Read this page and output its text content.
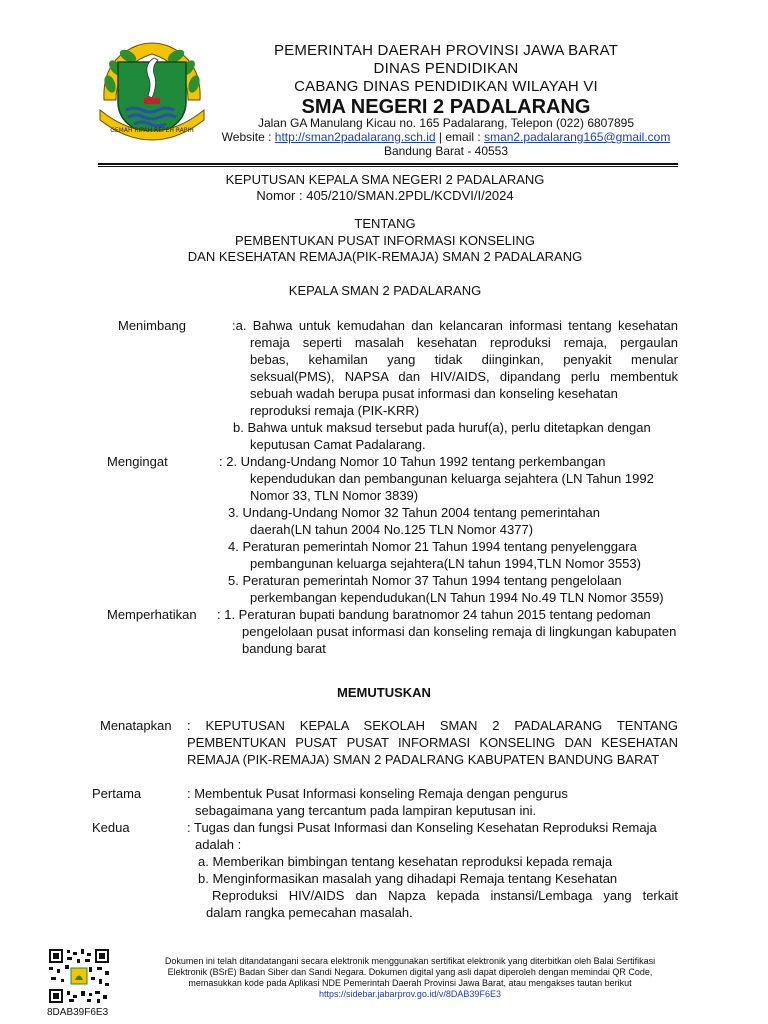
GEMAH RIPAH REPEH RAPIH
PEMERINTAH DAERAH PROVINSI JAWA BARAT
DINAS PENDIDIKAN
CABANG DINAS PENDIDIKAN WILAYAH VI
SMA NEGERI 2 PADALARANG
Jalan GA Manulang Kicau no. 165 Padalarang, Telepon (022) 6807895
Website : http://sman2padalarang.sch.id | email : sman2.padalarang165@gmail.com
Bandung Barat - 40553
KEPUTUSAN KEPALA SMA NEGERI 2 PADALARANG
Nomor : 405/210/SMAN.2PDL/KCDVI/I/2024
TENTANG
PEMBENTUKAN PUSAT INFORMASI KONSELING
DAN KESEHATAN REMAJA(PIK-REMAJA) SMAN 2 PADALARANG
KEPALA SMAN 2 PADALARANG
Menimbang	:a. Bahwa untuk kemudahan dan kelancaran informasi tentang kesehatan
remaja seperti masalah kesehatan reproduksi remaja, pergaulan
bebas, kehamilan yang tidak diinginkan, penyakit menular
seksual(PMS), NAPSA dan HIV/AIDS, dipandang perlu membentuk
sebuah wadah berupa pusat informasi dan konseling kesehatan
reproduksi remaja (PIK-KRR)
b. Bahwa untuk maksud tersebut pada huruf(a), perlu ditetapkan dengan
keputusan Camat Padalarang.
Mengingat	: 2. Undang-Undang Nomor 10 Tahun 1992 tentang perkembangan
kependudukan dan pembangunan keluarga sejahtera (LN Tahun 1992
Nomor 33, TLN Nomor 3839)
3. Undang-Undang Nomor 32 Tahun 2004 tentang pemerintahan
daerah(LN tahun 2004 No.125 TLN Nomor 4377)
4. Peraturan pemerintah Nomor 21 Tahun 1994 tentang penyelenggara
pembangunan keluarga sejahtera(LN tahun 1994,TLN Nomor 3553)
5. Peraturan pemerintah Nomor 37 Tahun 1994 tentang pengelolaan
perkembangan kependudukan(LN Tahun 1994 No.49 TLN Nomor 3559)
Memperhatikan : 1. Peraturan bupati bandung baratnomor 24 tahun 2015 tentang pedoman
pengelolaan pusat informasi dan konseling remaja di lingkungan kabupaten
bandung barat
MEMUTUSKAN
Menatapkan : KEPUTUSAN KEPALA SEKOLAH SMAN 2 PADALARANG TENTANG
PEMBENTUKAN PUSAT PUSAT INFORMASI KONSELING DAN KESEHATAN
REMAJA (PIK-REMAJA) SMAN 2 PADALRANG KABUPATEN BANDUNG BARAT
Pertama	: Membentuk Pusat Informasi konseling Remaja dengan pengurus
sebagaimana yang tercantum pada lampiran keputusan ini.
Kedua	: Tugas dan fungsi Pusat Informasi dan Konseling Kesehatan Reproduksi Remaja
adalah :
a. Memberikan bimbingan tentang kesehatan reproduksi kepada remaja
b. Menginformasikan masalah yang dihadapi Remaja tentang Kesehatan
Reproduksi HIV/AIDS dan Napza kepada instansi/Lembaga yang terkait
dalam rangka pemecahan masalah.
8DAB39F6E3
Dokumen ini telah ditandatangani secara elektronik menggunakan sertifikat elektronik yang diterbitkan oleh Balai Sertifikasi
Elektronik (BSrE) Badan Siber dan Sandi Negara. Dokumen digital yang asli dapat diperoleh dengan memindai QR Code,
memasukkan kode pada Aplikasi NDE Pemerintah Daerah Provinsi Jawa Barat, atau mengakses tautan berikut
https://sidebar.jabarprov.go.id/v/8DAB39F6E3
